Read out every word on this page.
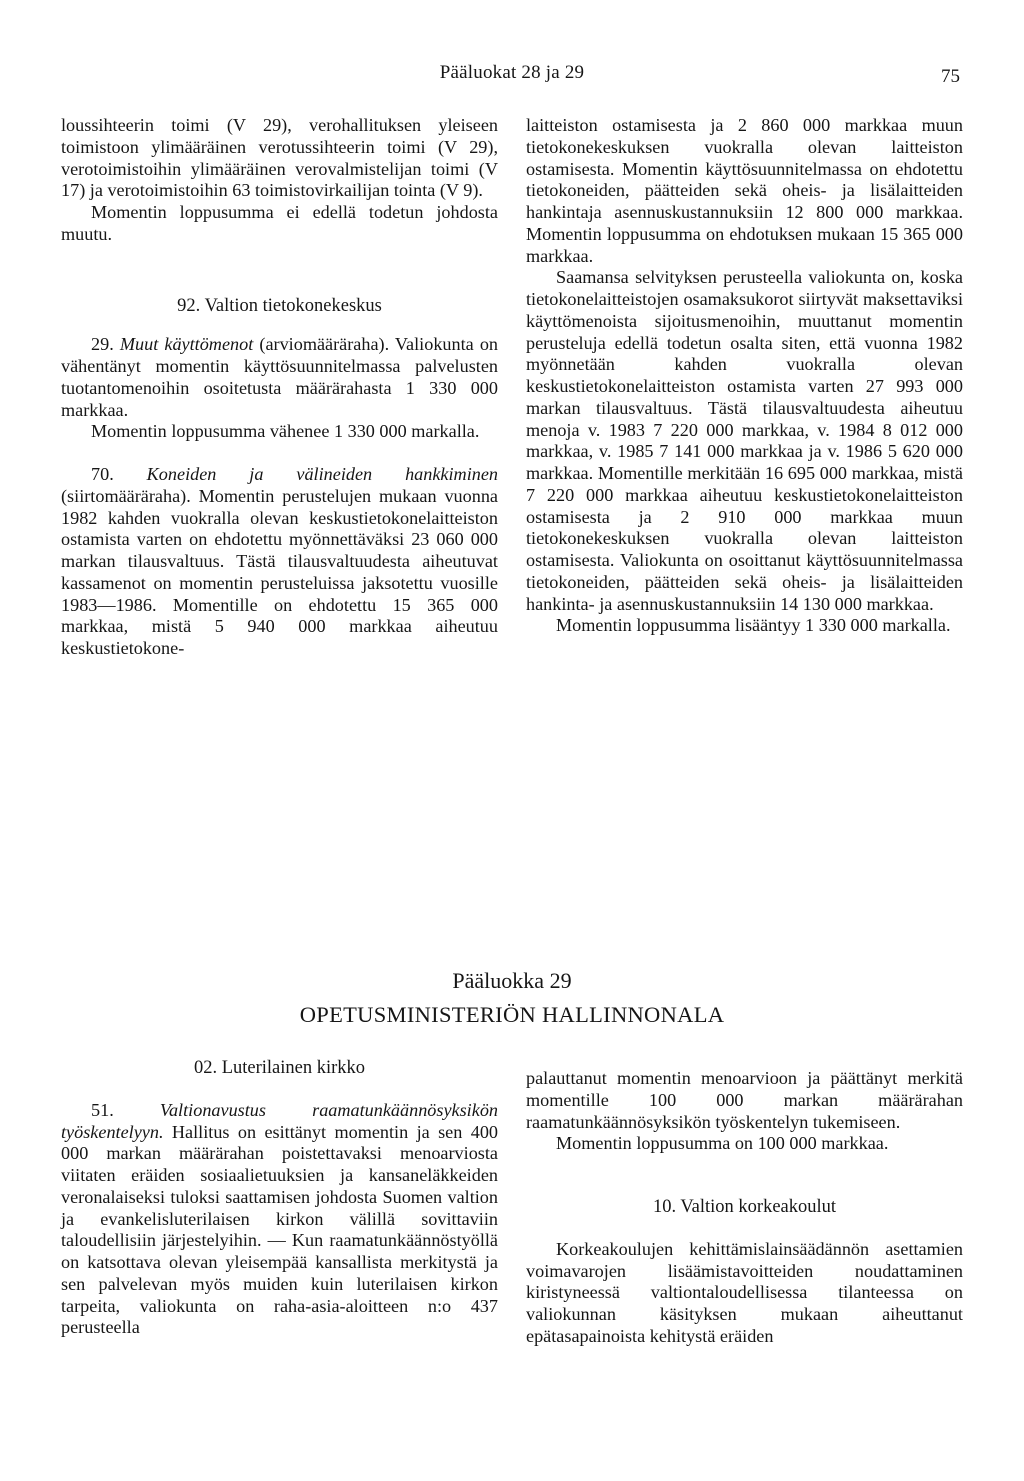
Pääluokat 28 ja 29	75

loussihteerin toimi (V 29), verohallituksen yleiseen toimistoon ylimääräinen verotussihteerin toimi (V 29), verotoimistoihin ylimääräinen verovalmistelijan toimi (V 17) ja verotoimistoihin 63 toimistovirkailijan tointa (V 9).

Momentin loppusumma ei edellä todetun johdosta muutu.

92. Valtion tietokonekeskus

29. Muut käyttömenot (arviomääräraha). Valiokunta on vähentänyt momentin käyttösuunnitelmassa palvelusten tuotantomenoihin osoitetusta määrärahasta 1 330 000 markkaa.

Momentin loppusumma vähenee 1 330 000 markalla.

70. Koneiden ja välineiden hankkiminen (siirtomääräraha). Momentin perustelujen mukaan vuonna 1982 kahden vuokralla olevan keskustietokonelaitteiston ostamista varten on ehdotettu myönnettäväksi 23 060 000 markan tilausvaltuus. Tästä tilausvaltuudesta aiheutuvat kassamenot on momentin perusteluissa jaksotettu vuosille 1983—1986. Momentille on ehdotettu 15 365 000 markkaa, mistä 5 940 000 markkaa aiheutuu keskustietokone-

laitteiston ostamisesta ja 2 860 000 markkaa muun tietokonekeskuksen vuokralla olevan laitteiston ostamisesta. Momentin käyttösuunnitelmassa on ehdotettu tietokoneiden, päätteiden sekä oheis- ja lisälaitteiden hankintaja asennuskustannuksiin 12 800 000 markkaa. Momentin loppusumma on ehdotuksen mukaan 15 365 000 markkaa.

Saamansa selvityksen perusteella valiokunta on, koska tietokonelaitteistojen osamaksukorot siirtyvät maksettaviksi käyttömenoista sijoitusmenoihin, muuttanut momentin perusteluja edellä todetun osalta siten, että vuonna 1982 myönnetään kahden vuokralla olevan keskustietokonelaitteiston ostamista varten 27 993 000 markan tilausvaltuus. Tästä tilausvaltuudesta aiheutuu menoja v. 1983 7 220 000 markkaa, v. 1984 8 012 000 markkaa, v. 1985 7 141 000 markkaa ja v. 1986 5 620 000 markkaa. Momentille merkitään 16 695 000 markkaa, mistä 7 220 000 markkaa aiheutuu keskustietokonelaitteiston ostamisesta ja 2 910 000 markkaa muun tietokonekeskuksen vuokralla olevan laitteiston ostamisesta. Valiokunta on osoittanut käyttösuunnitelmassa tietokoneiden, päätteiden sekä oheis- ja lisälaitteiden hankinta- ja asennuskustannuksiin 14 130 000 markkaa.

Momentin loppusumma lisääntyy 1 330 000 markalla.

Pääluokka 29
OPETUSMINISTERIÖN HALLINNONALA

02. Luterilainen kirkko

51.	Valtionavustus raamatunkäännösyksikön työskentelyyn. Hallitus on esittänyt momentin ja sen 400 000 markan määrärahan poistettavaksi menoarviosta viitaten eräiden sosiaalietuuksien ja kansaneläkkeiden veronalaiseksi tuloksi saattamisen johdosta Suomen valtion ja evankelisluterilaisen kirkon välillä sovittaviin taloudellisiin järjestelyihin. — Kun raamatunkäännöstyöllä on katsottava olevan yleisempää kansallista merkitystä ja sen palvelevan myös muiden kuin luterilaisen kirkon tarpeita, valiokunta on raha-asia-aloitteen n:o 437 perusteella

palauttanut momentin menoarvioon ja päättänyt merkitä momentille 100 000 markan määrärahan raamatunkäännösyksikön työskentelyn tukemiseen.

Momentin loppusumma on 100 000 markkaa.

10. Valtion korkeakoulut

Korkeakoulujen kehittämislainsäädännön asettamien voimavarojen lisäämistavoitteiden noudattaminen kiristyneessä valtiontaloudellisessa tilanteessa on valiokunnan käsityksen mukaan aiheuttanut epätasapainoista kehitystä eräiden
